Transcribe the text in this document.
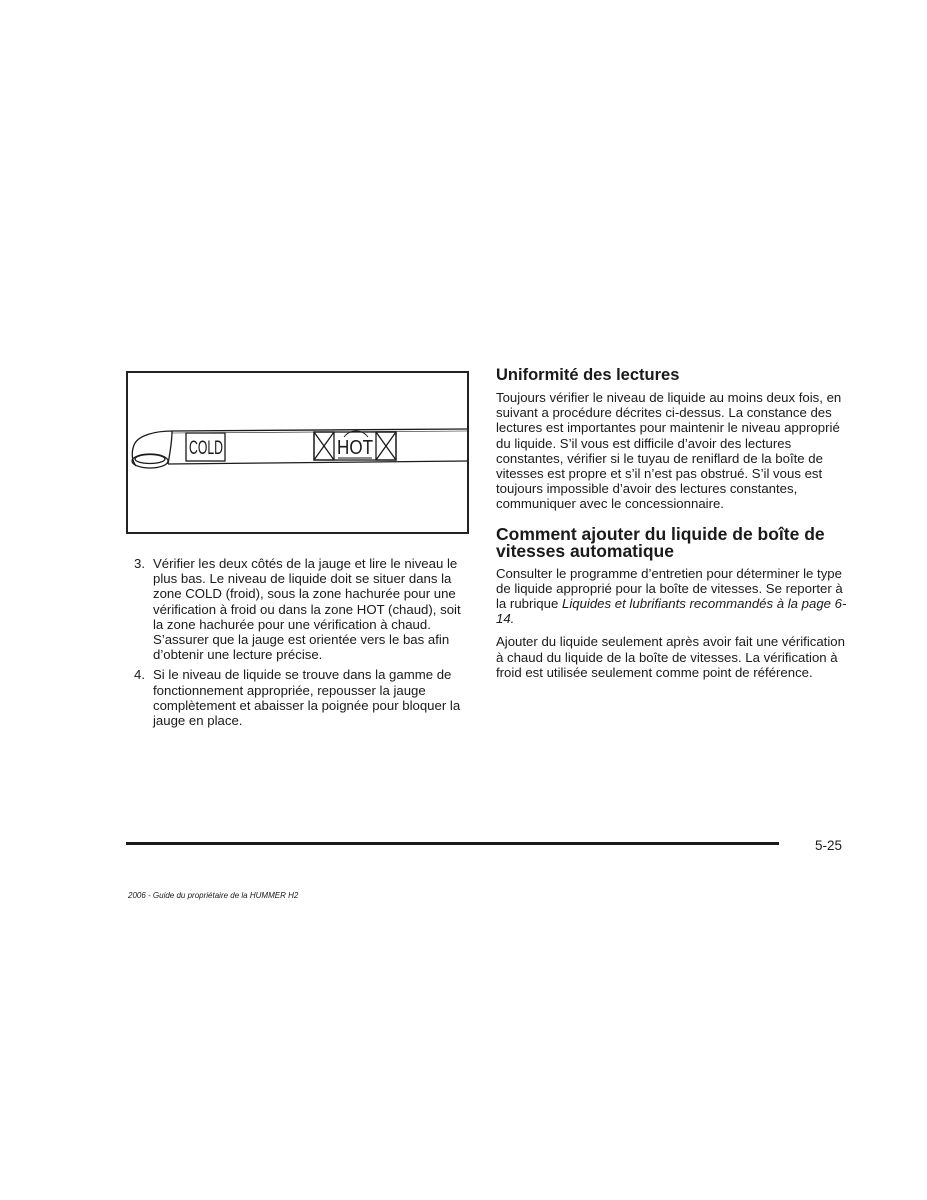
COLD	HOT
3. Vérifier les deux côtés de la jauge et lire le niveau le plus bas. Le niveau de liquide doit se situer dans la zone COLD (froid), sous la zone hachurée pour une vérification à froid ou dans la zone HOT (chaud), soit la zone hachurée pour une vérification à chaud. S’assurer que la jauge est orientée vers le bas afin d’obtenir une lecture précise.
4. Si le niveau de liquide se trouve dans la gamme de fonctionnement appropriée, repousser la jauge complètement et abaisser la poignée pour bloquer la jauge en place.
Uniformité des lectures

Toujours vérifier le niveau de liquide au moins deux fois, en suivant a procédure décrites ci-dessus. La constance des lectures est importantes pour maintenir le niveau approprié du liquide. S’il vous est difficile d’avoir des lectures constantes, vérifier si le tuyau de reniflard de la boîte de vitesses est propre et s’il n’est pas obstrué. S’il vous est toujours impossible d’avoir des lectures constantes, communiquer avec le concessionnaire.

Comment ajouter du liquide de boîte de vitesses automatique

Consulter le programme d’entretien pour déterminer le type de liquide approprié pour la boîte de vitesses. Se reporter à la rubrique Liquides et lubrifiants recommandés à la page 6-14.

Ajouter du liquide seulement après avoir fait une vérification à chaud du liquide de la boîte de vitesses. La vérification à froid est utilisée seulement comme point de référence.

5-25
2006 - Guide du propriétaire de la HUMMER H2
